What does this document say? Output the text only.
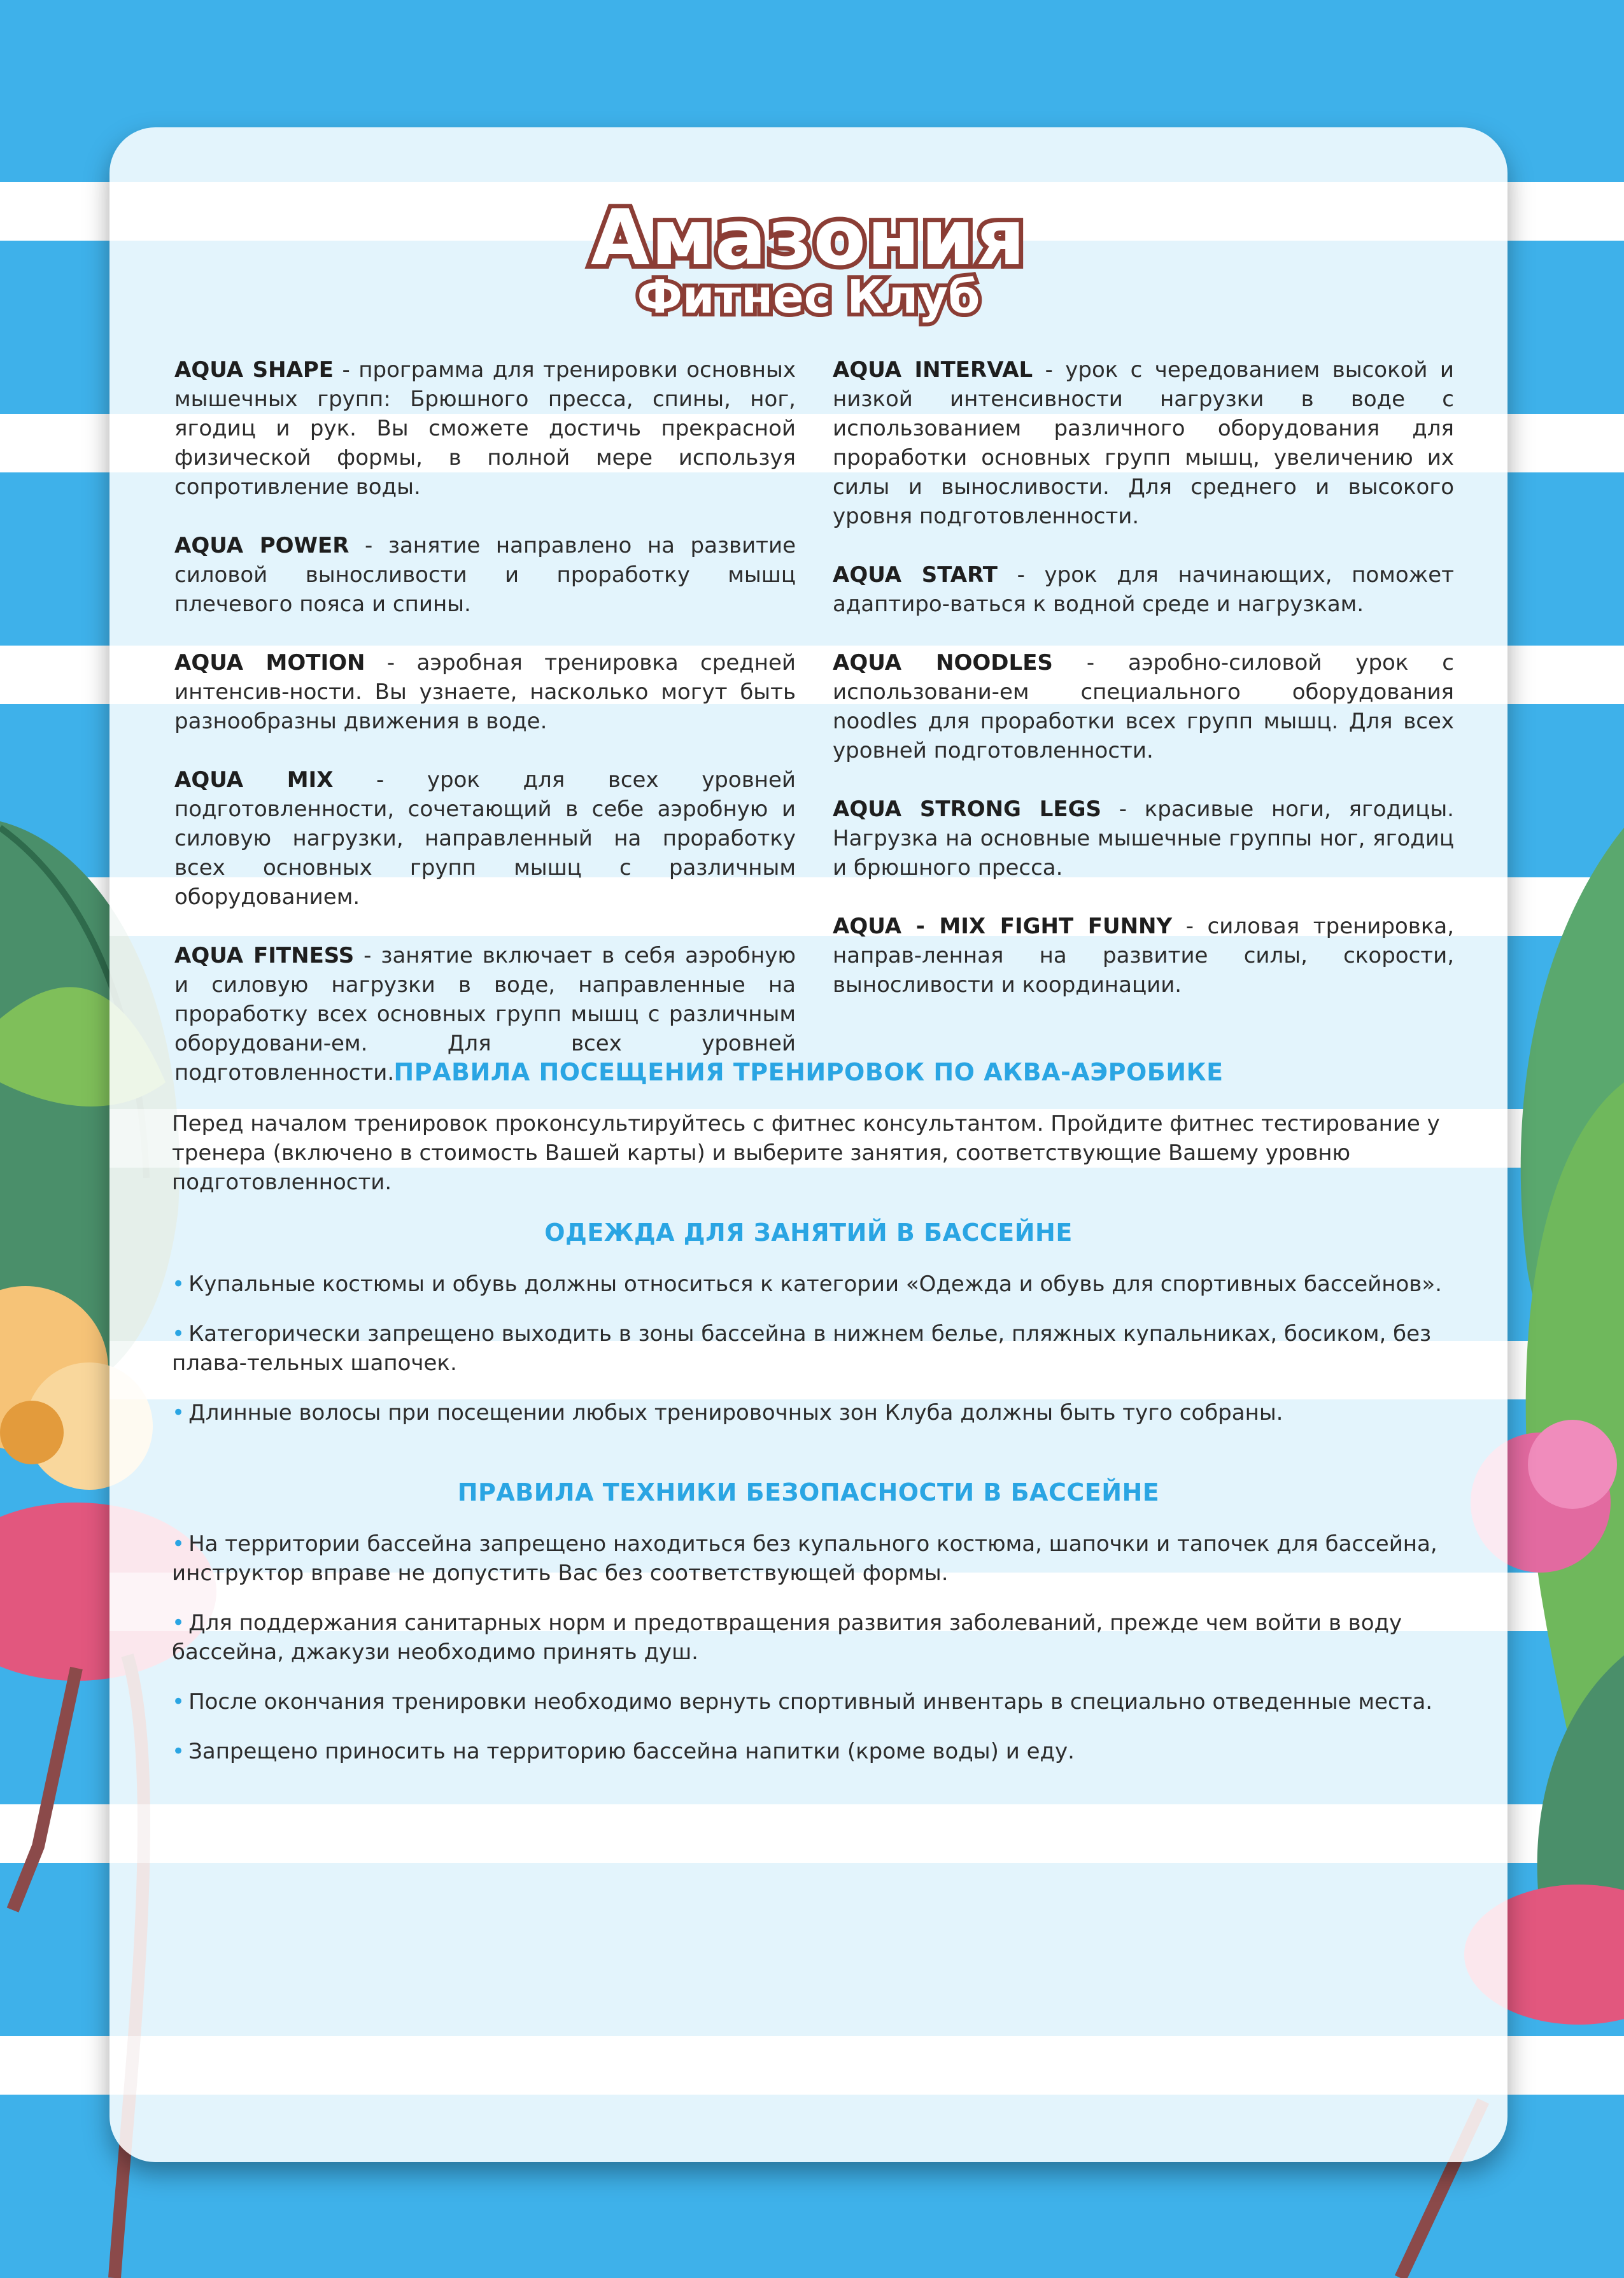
Амазония
Фитнес Клуб

AQUA SHAPE - программа для тренировки основных мышечных групп: Брюшного пресса, спины, ног, ягодиц и рук. Вы сможете достичь прекрасной физической формы, в полной мере используя сопротивление воды.

AQUA POWER - занятие направлено на развитие силовой выносливости и проработку мышц плечевого пояса и спины.

AQUA MOTION - аэробная тренировка средней интенсив-ности. Вы узнаете, насколько могут быть разнообразны движения в воде.

AQUA MIX - урок для всех уровней подготовленности, сочетающий в себе аэробную и силовую нагрузки, направленный на проработку всех основных групп мышц с различным оборудованием.

AQUA FITNESS - занятие включает в себя аэробную и силовую нагрузки в воде, направленные на проработку всех основных групп мышц с различным оборудовани-ем. Для всех уровней подготовленности.

AQUA INTERVAL - урок с чередованием высокой и низкой интенсивности нагрузки в воде с использованием различного оборудования для проработки основных групп мышц, увеличению их силы и выносливости. Для среднего и высокого уровня подготовленности.

AQUA START - урок для начинающих, поможет адаптиро-ваться к водной среде и нагрузкам.

AQUA NOODLES - аэробно-силовой урок с использовани-ем специального оборудования noodles для проработки всех групп мышц. Для всех уровней подготовленности.

AQUA STRONG LEGS - красивые ноги, ягодицы. Нагрузка на основные мышечные группы ног, ягодиц и брюшного пресса.

AQUA - MIX FIGHT FUNNY - силовая тренировка, направ-ленная на развитие силы, скорости, выносливости и координации.

ПРАВИЛА ПОСЕЩЕНИЯ ТРЕНИРОВОК ПО АКВА-АЭРОБИКЕ
Перед началом тренировок проконсультируйтесь с фитнес консультантом. Пройдите фитнес тестирование у тренера (включено в стоимость Вашей карты) и выберите занятия, соответствующие Вашему уровню подготовленности.
ОДЕЖДА ДЛЯ ЗАНЯТИЙ В БАССЕЙНЕ
• Купальные костюмы и обувь должны относиться к категории «Одежда и обувь для спортивных бассейнов».
• Категорически запрещено выходить в зоны бассейна в нижнем белье, пляжных купальниках, босиком, без плава-тельных шапочек.
• Длинные волосы при посещении любых тренировочных зон Клуба должны быть туго собраны.
ПРАВИЛА ТЕХНИКИ БЕЗОПАСНОСТИ В БАССЕЙНЕ
• На территории бассейна запрещено находиться без купального костюма, шапочки и тапочек для бассейна, инструктор вправе не допустить Вас без соответствующей формы.
• Для поддержания санитарных норм и предотвращения развития заболеваний, прежде чем войти в воду бассейна, джакузи необходимо принять душ.
• После окончания тренировки необходимо вернуть спортивный инвентарь в специально отведенные места.
• Запрещено приносить на территорию бассейна напитки (кроме воды) и еду.
